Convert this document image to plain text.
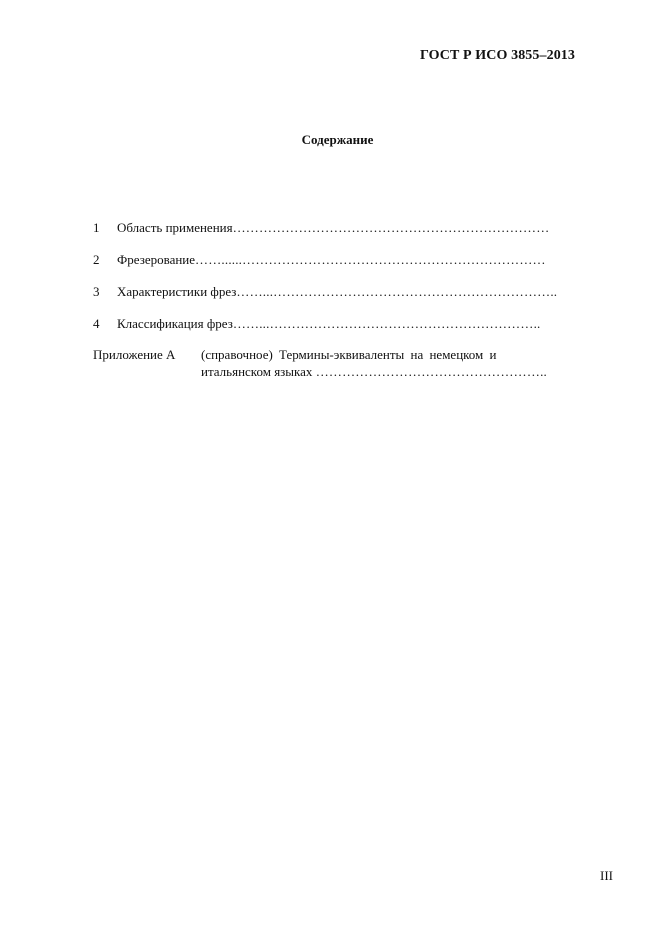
ГОСТ Р ИСО 3855–2013
Содержание
1 Область применения………………………………………………………………
2 Фрезерование……......……………………………………………………………
3 Характеристики фрез……...………………………………………………………..
4 Классификация фрез……...……………………………………………………..
Приложение А (справочное) Термины-эквиваленты на немецком и
итальянском языках ……………………………………………..
III
